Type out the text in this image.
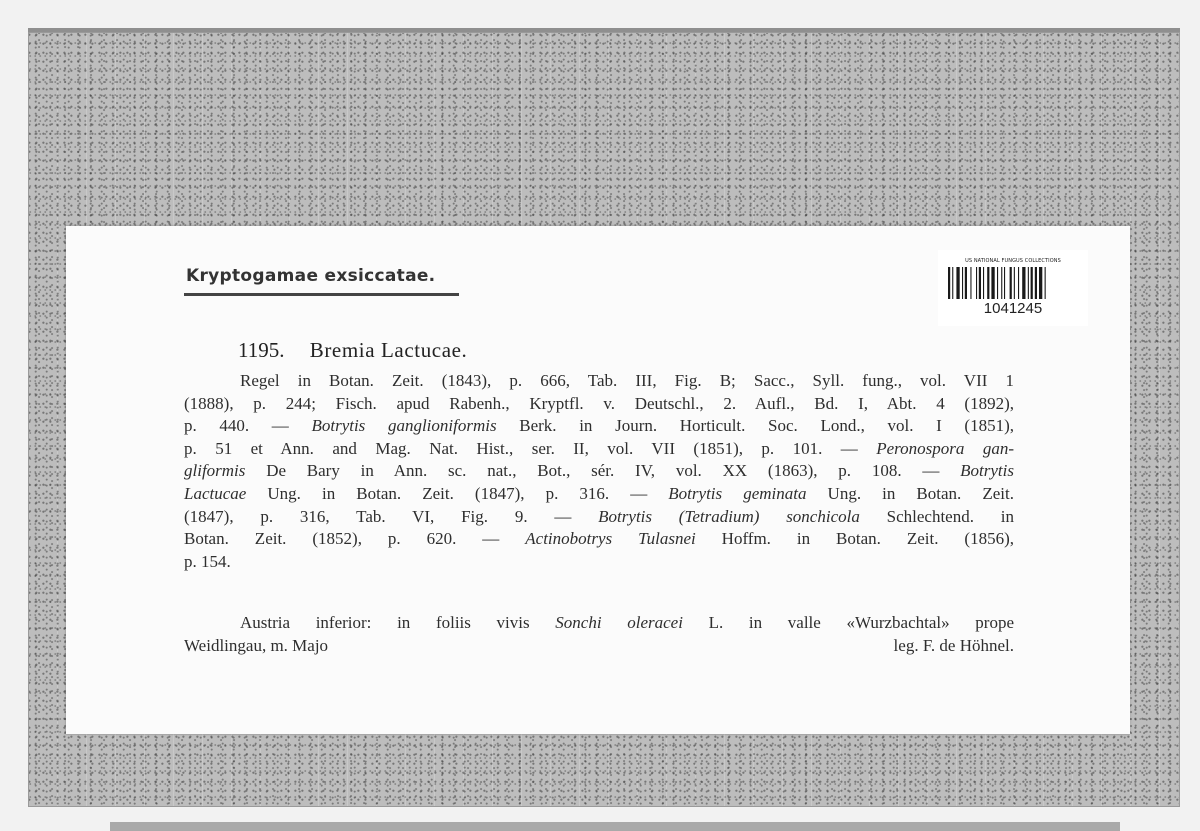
Kryptogamae exsiccatae.
US NATIONAL FUNGUS COLLECTIONS
1041245
1195. Bremia Lactucae.
Regel in Botan. Zeit. (1843), p. 666, Tab. III, Fig. B; Sacc., Syll. fung., vol. VII 1
(1888), p. 244; Fisch. apud Rabenh., Kryptfl. v. Deutschl., 2. Aufl., Bd. I, Abt. 4 (1892),
p. 440. — Botrytis ganglioniformis Berk. in Journ. Horticult. Soc. Lond., vol. I (1851),
p. 51 et Ann. and Mag. Nat. Hist., ser. II, vol. VII (1851), p. 101. — Peronospora gan-
gliformis De Bary in Ann. sc. nat., Bot., sér. IV, vol. XX (1863), p. 108. — Botrytis
Lactucae Ung. in Botan. Zeit. (1847), p. 316. — Botrytis geminata Ung. in Botan. Zeit.
(1847), p. 316, Tab. VI, Fig. 9. — Botrytis (Tetradium) sonchicola Schlechtend. in
Botan. Zeit. (1852), p. 620. — Actinobotrys Tulasnei Hoffm. in Botan. Zeit. (1856),
p. 154.
Austria inferior: in foliis vivis Sonchi oleracei L. in valle «Wurzbachtal» prope
Weidlingau, m. Majo	leg. F. de Höhnel.
